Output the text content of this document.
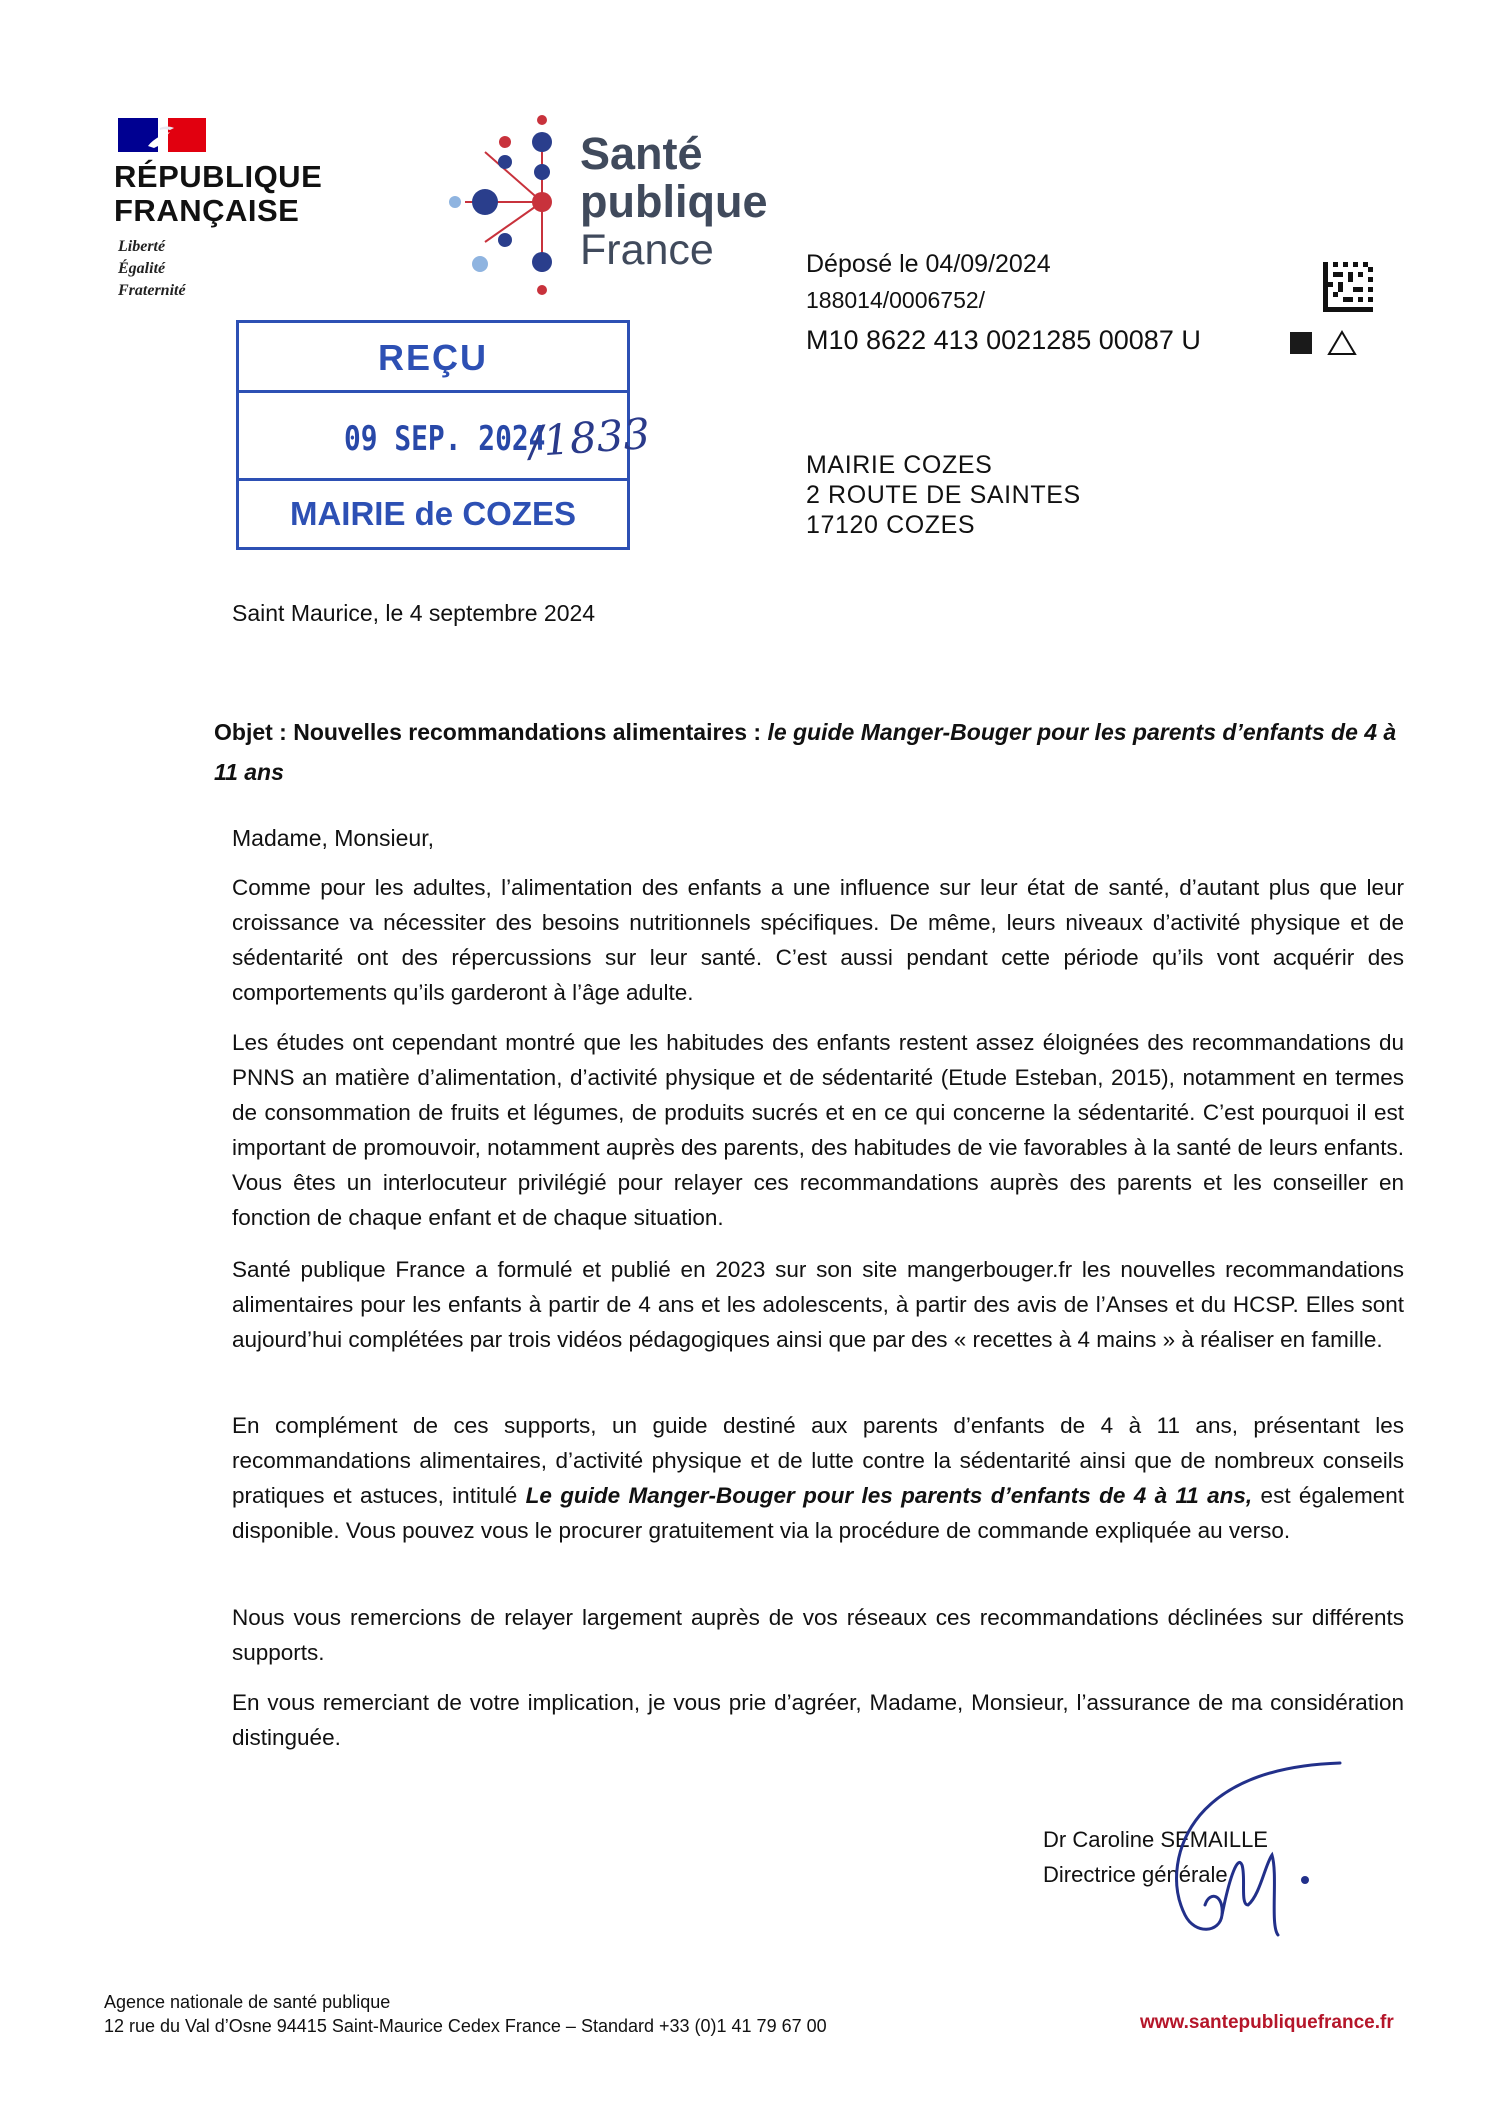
RÉPUBLIQUE
FRANÇAISE
Liberté
Égalité
Fraternité
Santé
publique
France
REÇU
09 SEP. 2024
/1833
MAIRIE de COZES
Déposé le 04/09/2024
188014/0006752/
M10 8622 413 0021285 00087 U
MAIRIE COZES
2 ROUTE DE SAINTES
17120 COZES
Saint Maurice, le 4 septembre 2024
Objet : Nouvelles recommandations alimentaires : le guide Manger-Bouger pour les parents d’enfants de 4 à 11 ans
Madame, Monsieur,
Comme pour les adultes, l’alimentation des enfants a une influence sur leur état de santé, d’autant plus que leur croissance va nécessiter des besoins nutritionnels spécifiques. De même, leurs niveaux d’activité physique et de sédentarité ont des répercussions sur leur santé. C’est aussi pendant cette période qu’ils vont acquérir des comportements qu’ils garderont à l’âge adulte.
Les études ont cependant montré que les habitudes des enfants restent assez éloignées des recommandations du PNNS an matière d’alimentation, d’activité physique et de sédentarité (Etude Esteban, 2015), notamment en termes de consommation de fruits et légumes, de produits sucrés et en ce qui concerne la sédentarité. C’est pourquoi il est important de promouvoir, notamment auprès des parents, des habitudes de vie favorables à la santé de leurs enfants. Vous êtes un interlocuteur privilégié pour relayer ces recommandations auprès des parents et les conseiller en fonction de chaque enfant et de chaque situation.
Santé publique France a formulé et publié en 2023 sur son site mangerbouger.fr les nouvelles recommandations alimentaires pour les enfants à partir de 4 ans et les adolescents, à partir des avis de l’Anses et du HCSP. Elles sont aujourd’hui complétées par trois vidéos pédagogiques ainsi que par des « recettes à 4 mains » à réaliser en famille.
En complément de ces supports, un guide destiné aux parents d’enfants de 4 à 11 ans, présentant les recommandations alimentaires, d’activité physique et de lutte contre la sédentarité ainsi que de nombreux conseils pratiques et astuces, intitulé Le guide Manger-Bouger pour les parents d’enfants de 4 à 11 ans, est également disponible. Vous pouvez vous le procurer gratuitement via la procédure de commande expliquée au verso.
Nous vous remercions de relayer largement auprès de vos réseaux ces recommandations déclinées sur différents supports.
En vous remerciant de votre implication, je vous prie d’agréer, Madame, Monsieur, l’assurance de ma considération distinguée.
Dr Caroline SEMAILLE
Directrice générale
Agence nationale de santé publique
12 rue du Val d’Osne 94415 Saint-Maurice Cedex France – Standard +33 (0)1 41 79 67 00	www.santepubliquefrance.fr
